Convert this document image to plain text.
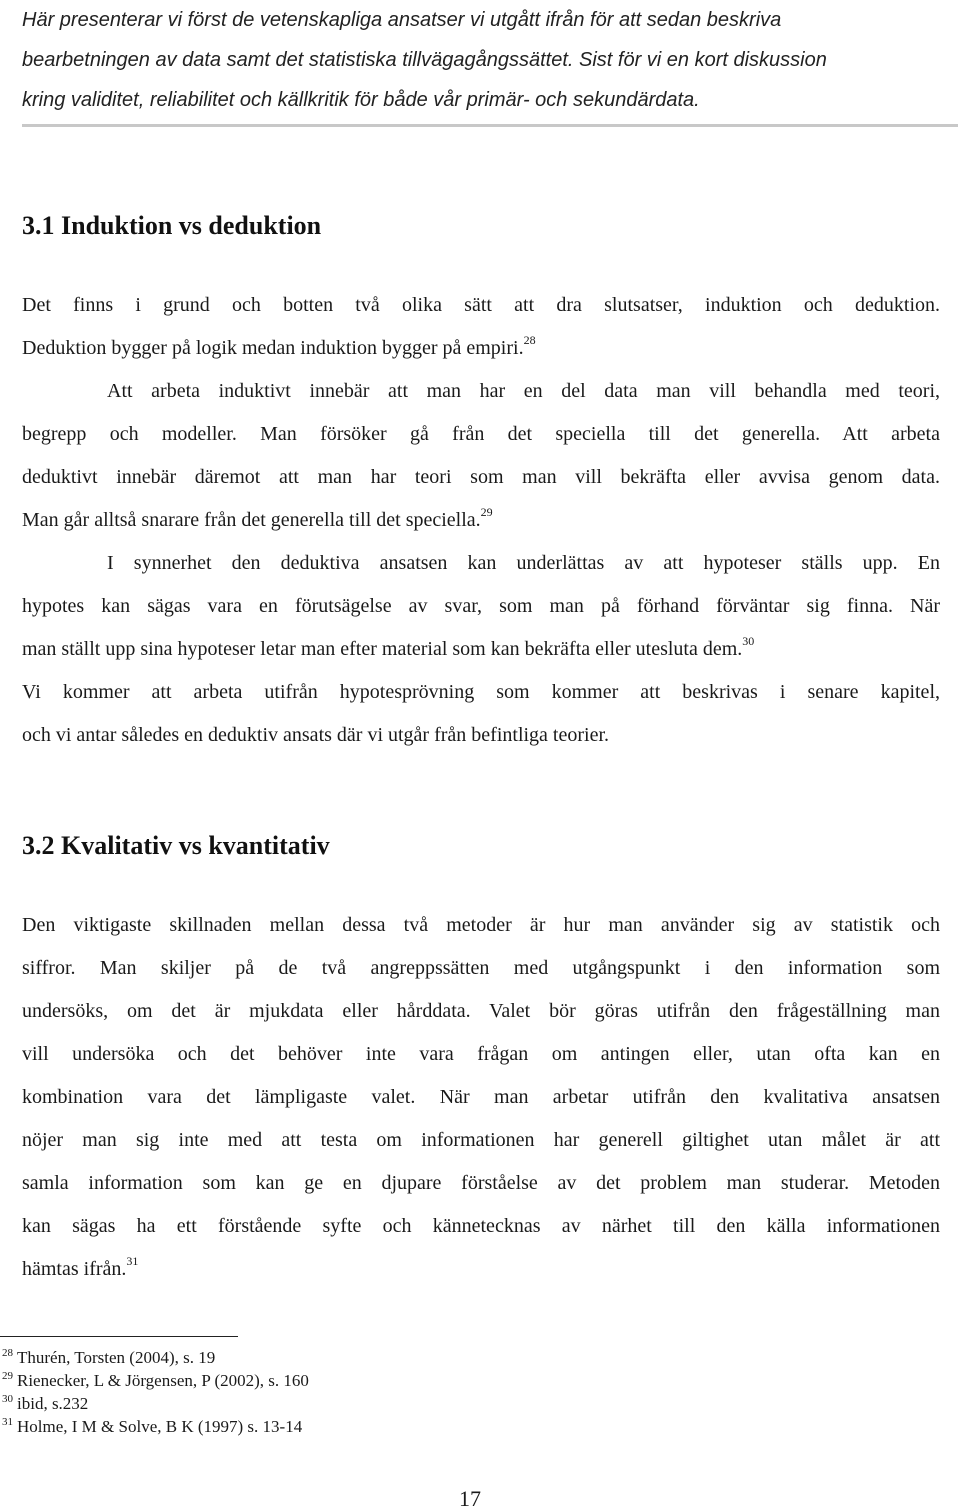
Här presenterar vi först de vetenskapliga ansatser vi utgått ifrån för att sedan beskriva
bearbetningen av data samt det statistiska tillvägagångssättet. Sist för vi en kort diskussion
kring validitet, reliabilitet och källkritik för både vår primär- och sekundärdata.
3.1 Induktion vs deduktion
Det finns i grund och botten två olika sätt att dra slutsatser, induktion och deduktion.
Deduktion bygger på logik medan induktion bygger på empiri.$^{28}$
Att arbeta induktivt innebär att man har en del data man vill behandla med teori,
begrepp och modeller. Man försöker gå från det speciella till det generella. Att arbeta
deduktivt innebär däremot att man har teori som man vill bekräfta eller avvisa genom data.
Man går alltså snarare från det generella till det speciella.$^{29}$
I synnerhet den deduktiva ansatsen kan underlättas av att hypoteser ställs upp. En
hypotes kan sägas vara en förutsägelse av svar, som man på förhand förväntar sig finna. När
man ställt upp sina hypoteser letar man efter material som kan bekräfta eller utesluta dem.$^{30}$
Vi kommer att arbeta utifrån hypotesprövning som kommer att beskrivas i senare kapitel,
och vi antar således en deduktiv ansats där vi utgår från befintliga teorier.
3.2 Kvalitativ vs kvantitativ
Den viktigaste skillnaden mellan dessa två metoder är hur man använder sig av statistik och
siffror. Man skiljer på de två angreppssätten med utgångspunkt i den information som
undersöks, om det är mjukdata eller hårddata. Valet bör göras utifrån den frågeställning man
vill undersöka och det behöver inte vara frågan om antingen eller, utan ofta kan en
kombination vara det lämpligaste valet. När man arbetar utifrån den kvalitativa ansatsen
nöjer man sig inte med att testa om informationen har generell giltighet utan målet är att
samla information som kan ge en djupare förståelse av det problem man studerar. Metoden
kan sägas ha ett förstående syfte och kännetecknas av närhet till den källa informationen
hämtas ifrån.$^{31}$
$^{28}$ Thurén, Torsten (2004), s. 19
$^{29}$ Rienecker, L & Jörgensen, P (2002), s. 160
$^{30}$ ibid, s.232
$^{31}$ Holme, I M & Solve, B K (1997) s. 13-14
17
